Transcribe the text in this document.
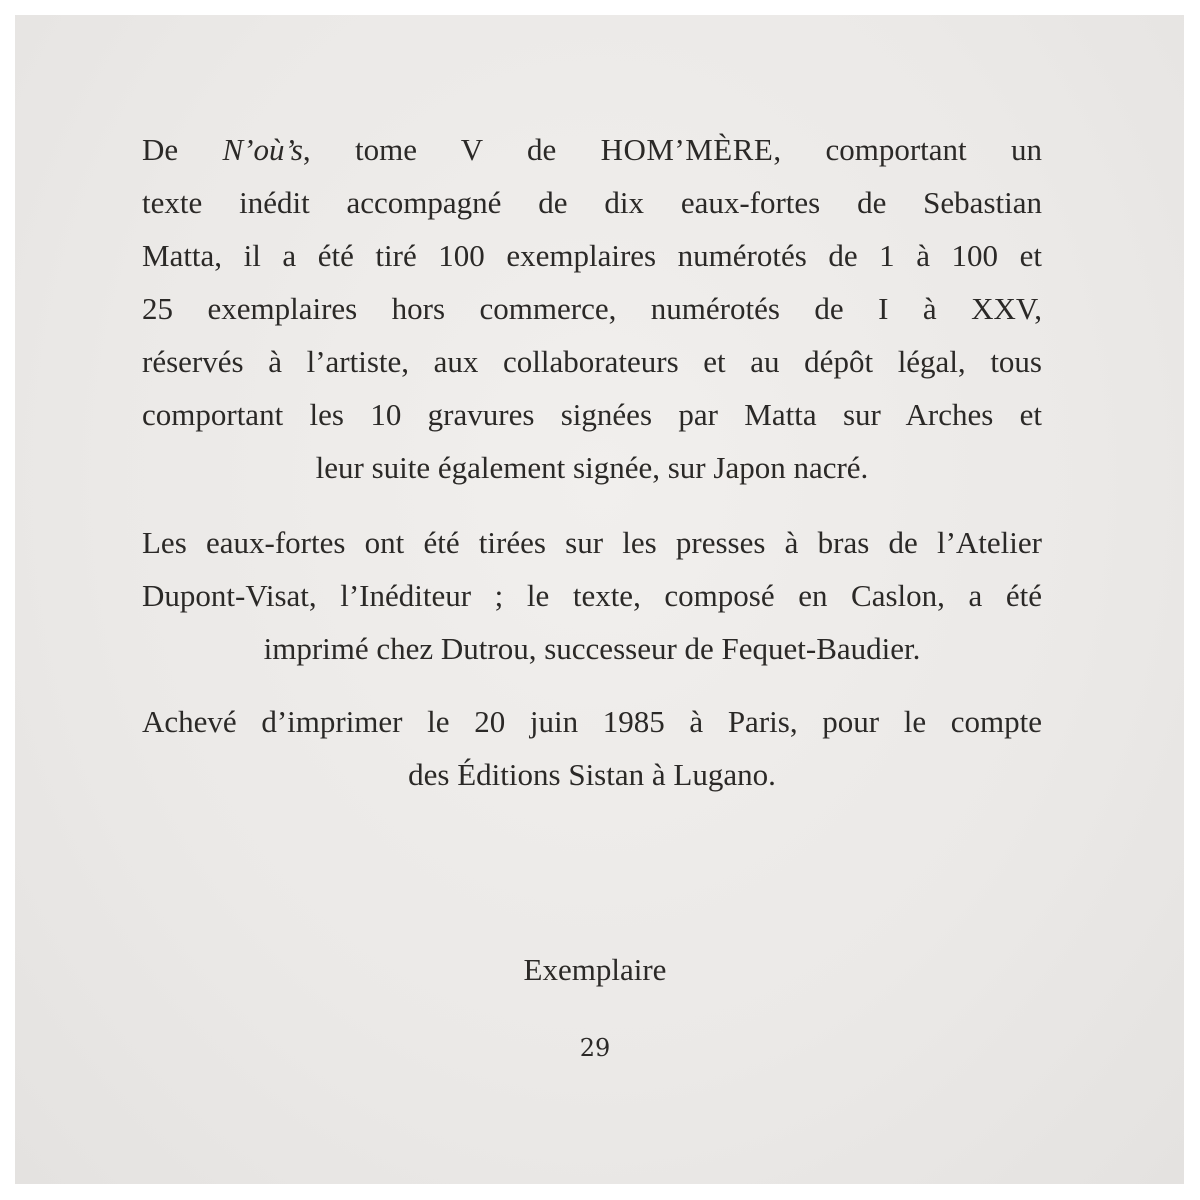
De N’où’s, tome V de HOM’MÈRE, comportant un
texte inédit accompagné de dix eaux-fortes de Sebastian
Matta, il a été tiré 100 exemplaires numérotés de 1 à 100 et
25 exemplaires hors commerce, numérotés de I à XXV,
réservés à l’artiste, aux collaborateurs et au dépôt légal, tous
comportant les 10 gravures signées par Matta sur Arches et
leur suite également signée, sur Japon nacré.
Les eaux-fortes ont été tirées sur les presses à bras de l’Atelier
Dupont-Visat, l’Inéditeur ; le texte, composé en Caslon, a été
imprimé chez Dutrou, successeur de Fequet-Baudier.
Achevé d’imprimer le 20 juin 1985 à Paris, pour le compte
des Éditions Sistan à Lugano.
Exemplaire
29
